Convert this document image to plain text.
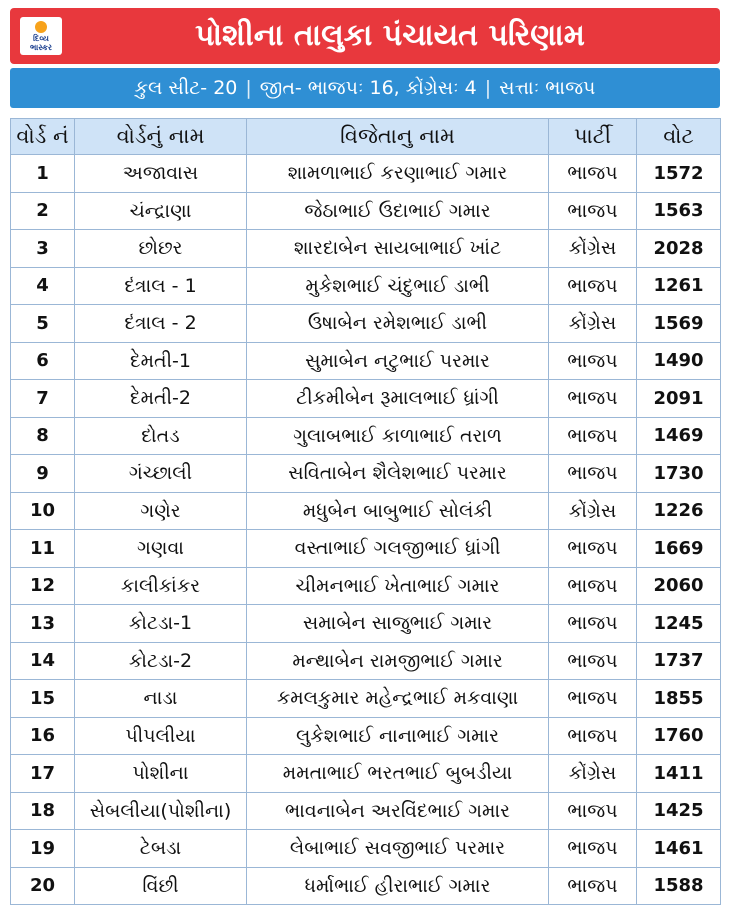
દિવ્ય
ભાસ્કર	પોશીના તાલુકા પંચાયત પરિણામ
કુલ સીટ- 20 | જીત- ભાજપઃ 16, કોંગ્રેસઃ 4 | સત્તાઃ ભાજપ
વોર્ડ નં	વોર્ડનું નામ	વિજેતાનુ નામ	પાર્ટી	વોટ
1	અજાવાસ	શામળાભાઈ કરણાભાઈ ગમાર	ભાજપ	1572
2	ચંન્દ્રાણા	જેઠાભાઈ ઉદાભાઈ ગમાર	ભાજપ	1563
3	છોછર	શારદાબેન સાયબાભાઈ ખાંટ	કોંગ્રેસ	2028
4	દંત્રાલ - 1	મુકેશભાઈ ચંદુભાઈ ડાભી	ભાજપ	1261
5	દંત્રાલ - 2	ઉષાબેન રમેશભાઈ ડાભી	કોંગ્રેસ	1569
6	દેમતી-1	સુમાબેન નટુભાઈ પરમાર	ભાજપ	1490
7	દેમતી-2	ટીકમીબેન રૂમાલભાઈ ધ્રાંગી	ભાજપ	2091
8	દોતડ	ગુલાબભાઈ કાળાભાઈ તરાળ	ભાજપ	1469
9	ગંચ્છાલી	સવિતાબેન શૈલેશભાઈ પરમાર	ભાજપ	1730
10	ગણેર	મધુબેન બાબુભાઈ સોલંકી	કોંગ્રેસ	1226
11	ગણવા	વસ્તાભાઈ ગલજીભાઈ ધ્રાંગી	ભાજપ	1669
12	કાલીકાંકર	ચીમનભાઈ ખેતાભાઈ ગમાર	ભાજપ	2060
13	કોટડા-1	સમાબેન સાજુભાઈ ગમાર	ભાજપ	1245
14	કોટડા-2	મન્થાબેન રામજીભાઈ ગમાર	ભાજપ	1737
15	નાડા	કમલકુમાર મહેન્દ્રભાઈ મકવાણા	ભાજપ	1855
16	પીપલીયા	લુકેશભાઈ નાનાભાઈ ગમાર	ભાજપ	1760
17	પોશીના	મમતાભાઈ ભરતભાઈ બુબડીયા	કોંગ્રેસ	1411
18	સેબલીયા(પોશીના)	ભાવનાબેન અરવિંદભાઈ ગમાર	ભાજપ	1425
19	ટેબડા	લેબાભાઈ સવજીભાઈ પરમાર	ભાજપ	1461
20	વિંછી	ધર્માભાઈ હીરાભાઈ ગમાર	ભાજપ	1588
